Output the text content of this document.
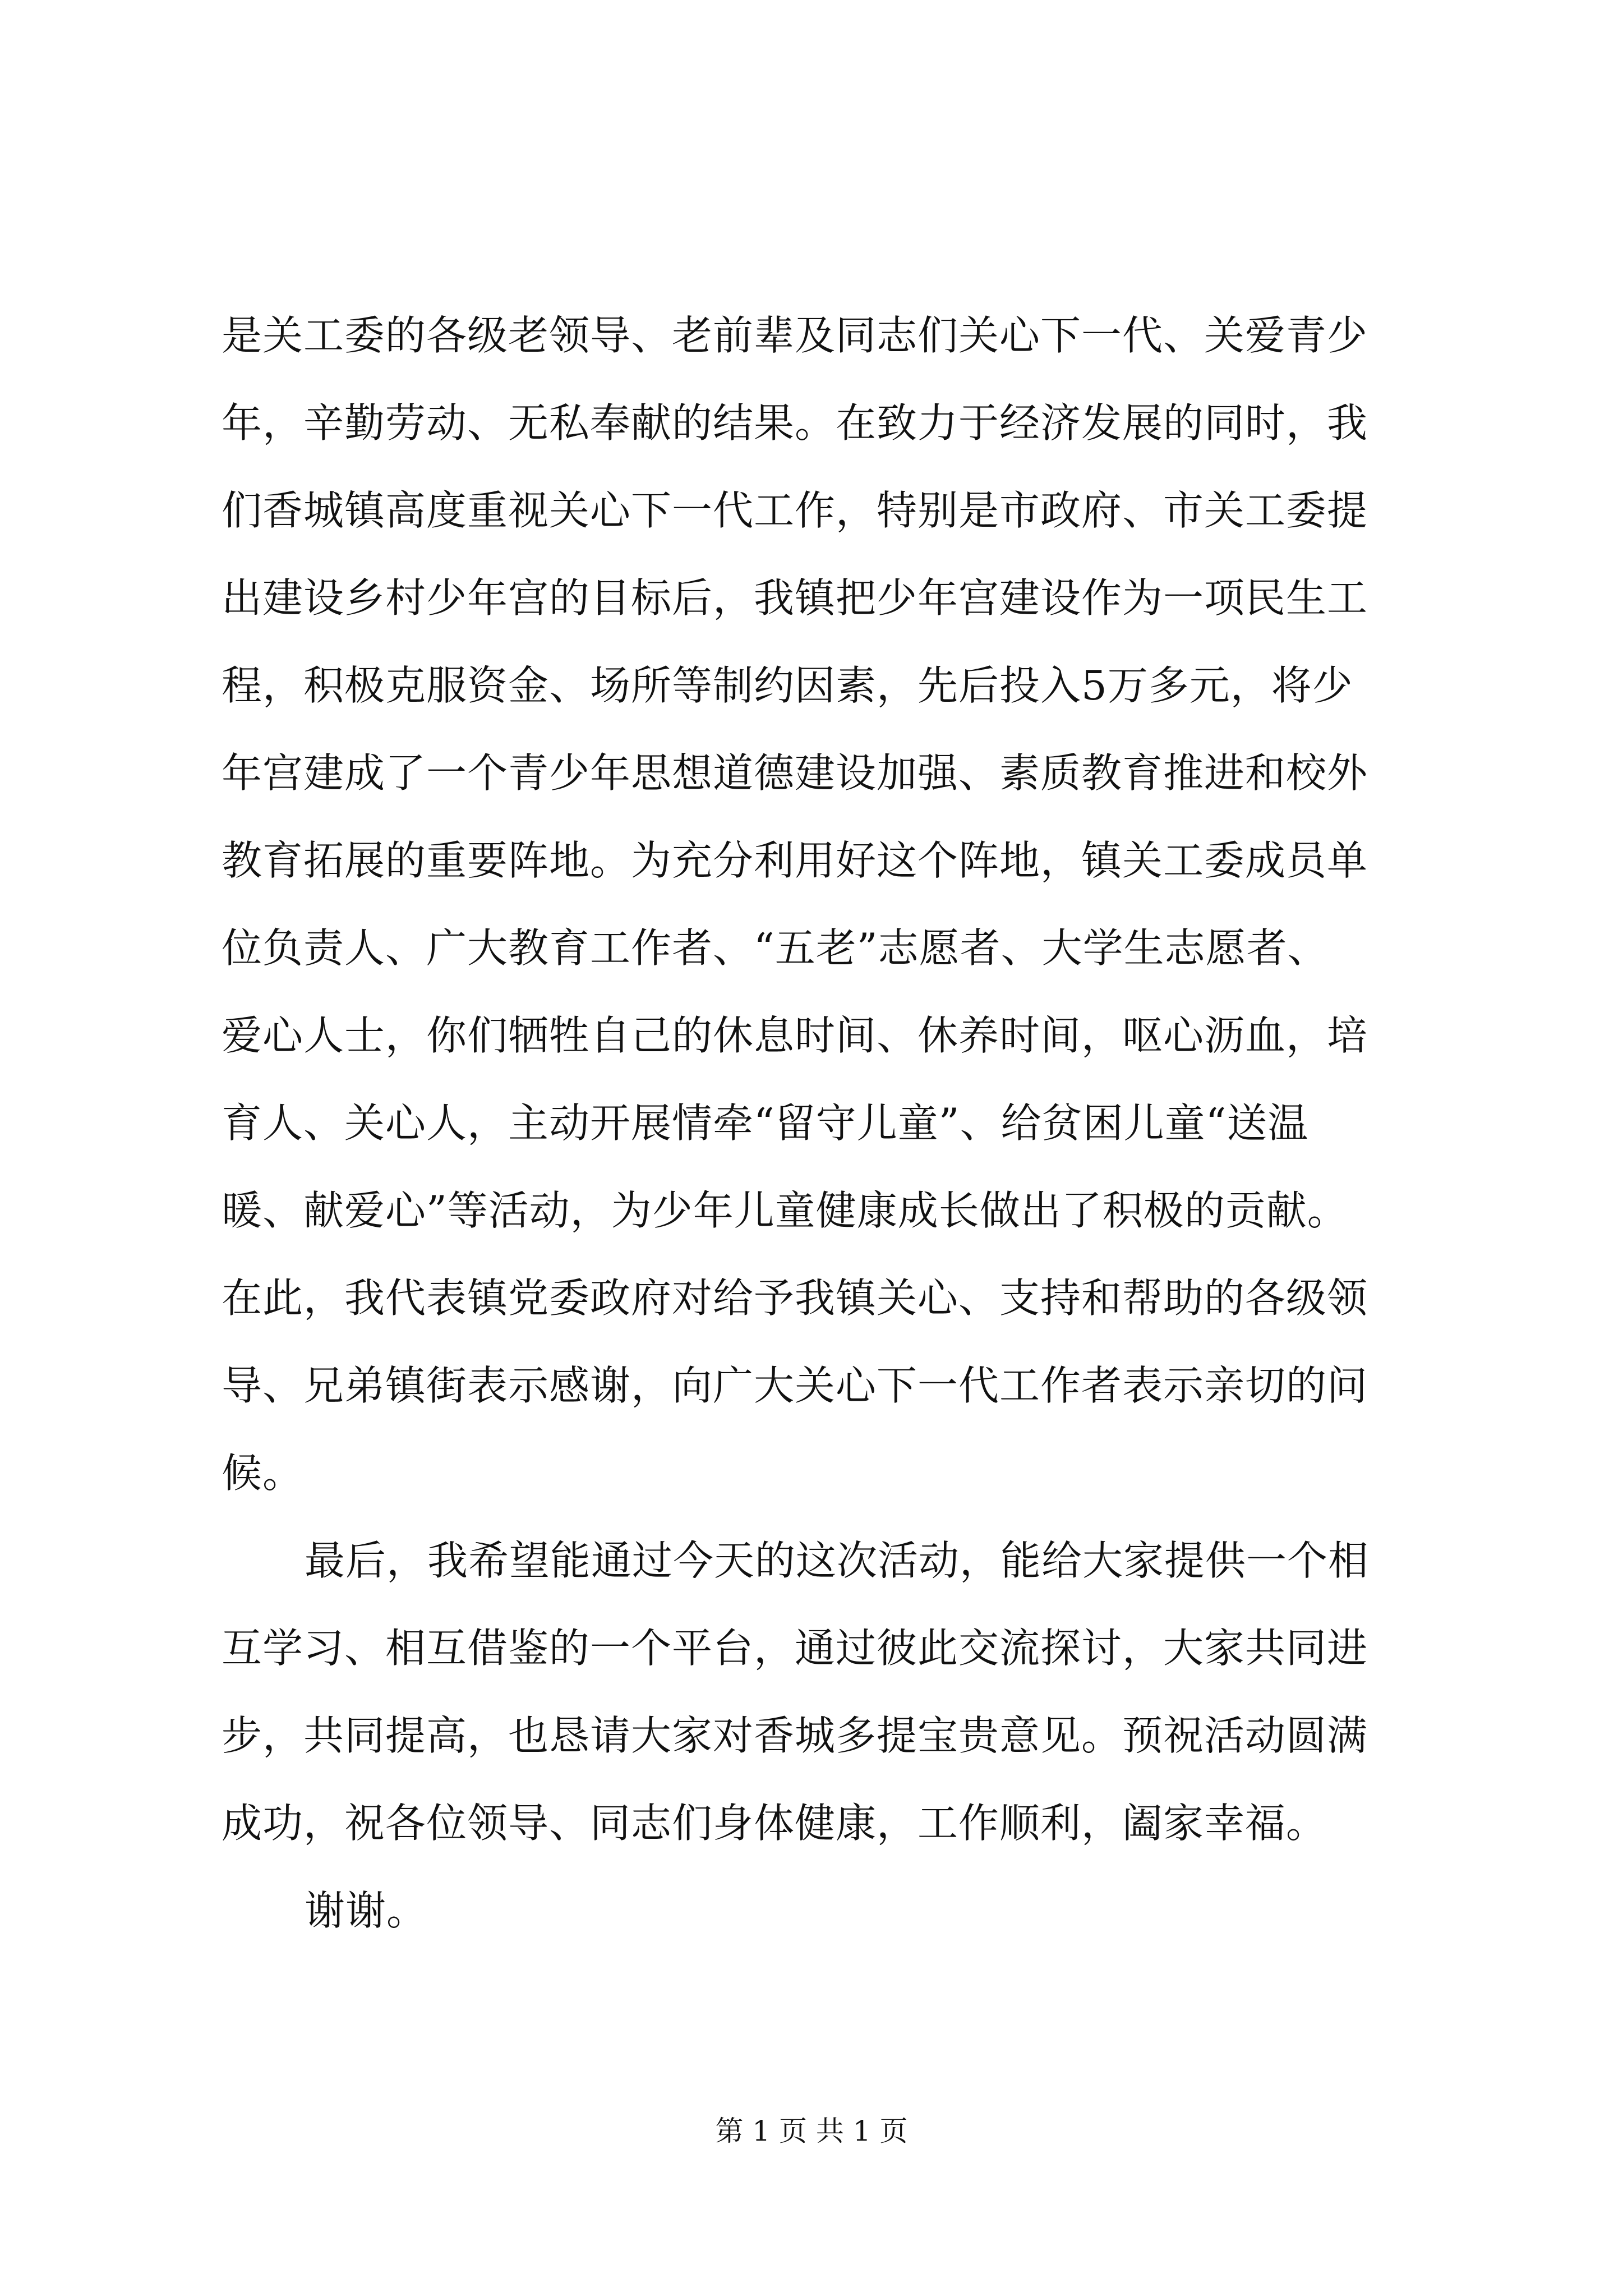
是关工委的各级老领导、老前辈及同志们关心下一代、关爱青少
年，辛勤劳动、无私奉献的结果。在致力于经济发展的同时，我
们香城镇高度重视关心下一代工作，特别是市政府、市关工委提
出建设乡村少年宫的目标后，我镇把少年宫建设作为一项民生工
程，积极克服资金、场所等制约因素，先后投入5万多元，将少
年宫建成了一个青少年思想道德建设加强、素质教育推进和校外
教育拓展的重要阵地。为充分利用好这个阵地，镇关工委成员单
位负责人、广大教育工作者、“五老”志愿者、大学生志愿者、
爱心人士，你们牺牲自己的休息时间、休养时间，呕心沥血，培
育人、关心人，主动开展情牵“留守儿童”、给贫困儿童“送温
暖、献爱心”等活动，为少年儿童健康成长做出了积极的贡献。
在此，我代表镇党委政府对给予我镇关心、支持和帮助的各级领
导、兄弟镇街表示感谢，向广大关心下一代工作者表示亲切的问
候。
最后，我希望能通过今天的这次活动，能给大家提供一个相
互学习、相互借鉴的一个平台，通过彼此交流探讨，大家共同进
步，共同提高，也恳请大家对香城多提宝贵意见。预祝活动圆满
成功，祝各位领导、同志们身体健康，工作顺利，阖家幸福。
谢谢。
第 1 页 共 1 页
